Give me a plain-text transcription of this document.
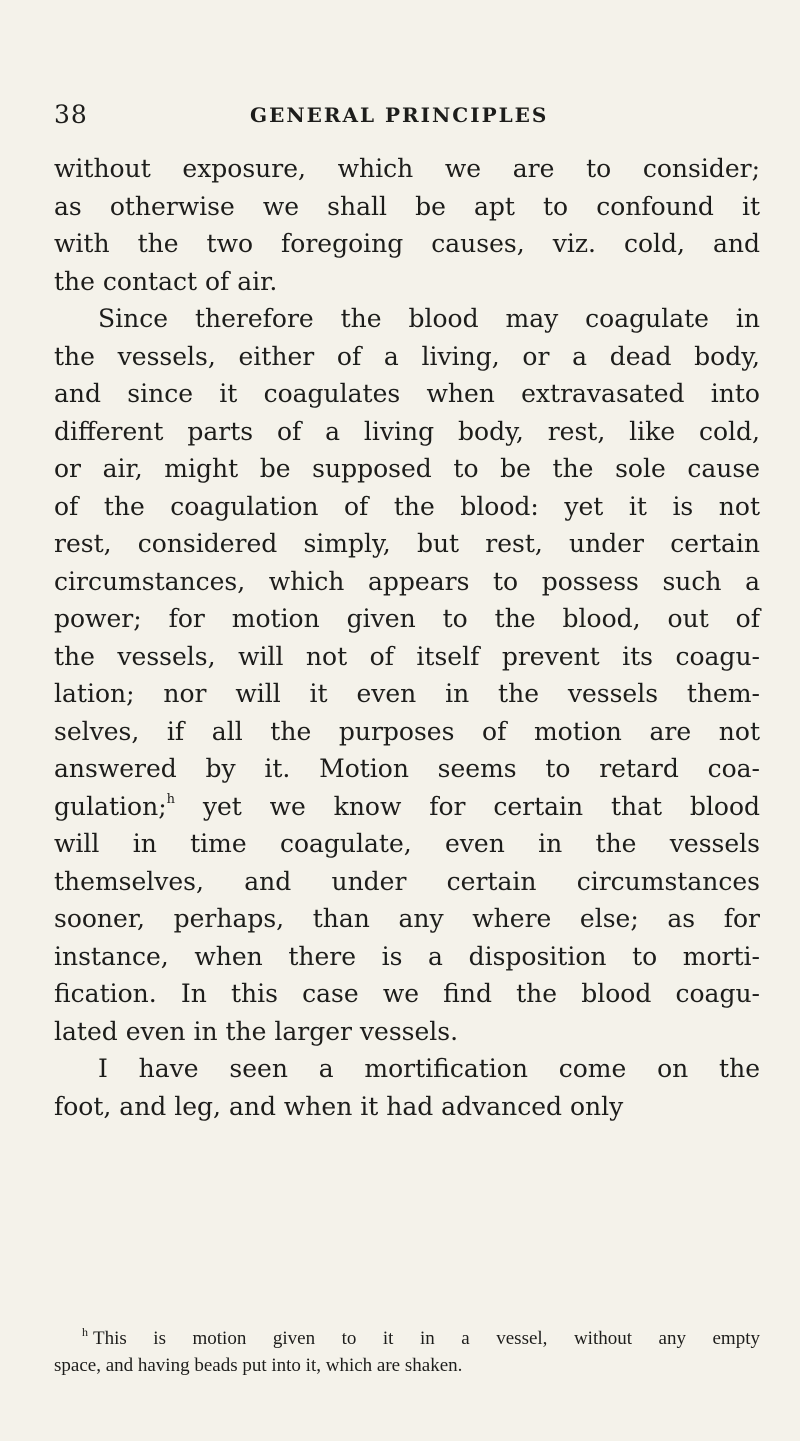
38	GENERAL PRINCIPLES
without exposure, which we are to consider;
as otherwise we shall be apt to confound it
with the two foregoing causes, viz. cold, and
the contact of air.
Since therefore the blood may coagulate in
the vessels, either of a living, or a dead body,
and since it coagulates when extravasated into
different parts of a living body, rest, like cold,
or air, might be supposed to be the sole cause
of the coagulation of the blood: yet it is not
rest, considered simply, but rest, under certain
circumstances, which appears to possess such a
power; for motion given to the blood, out of
the vessels, will not of itself prevent its coagu-
lation; nor will it even in the vessels them-
selves, if all the purposes of motion are not
answered by it. Motion seems to retard coa-
gulation;$^h$ yet we know for certain that blood
will in time coagulate, even in the vessels
themselves, and under certain circumstances
sooner, perhaps, than any where else; as for
instance, when there is a disposition to morti-
fication. In this case we find the blood coagu-
lated even in the larger vessels.
I have seen a mortification come on the
foot, and leg, and when it had advanced only
$^h$ This is motion given to it in a vessel, without any empty
space, and having beads put into it, which are shaken.
